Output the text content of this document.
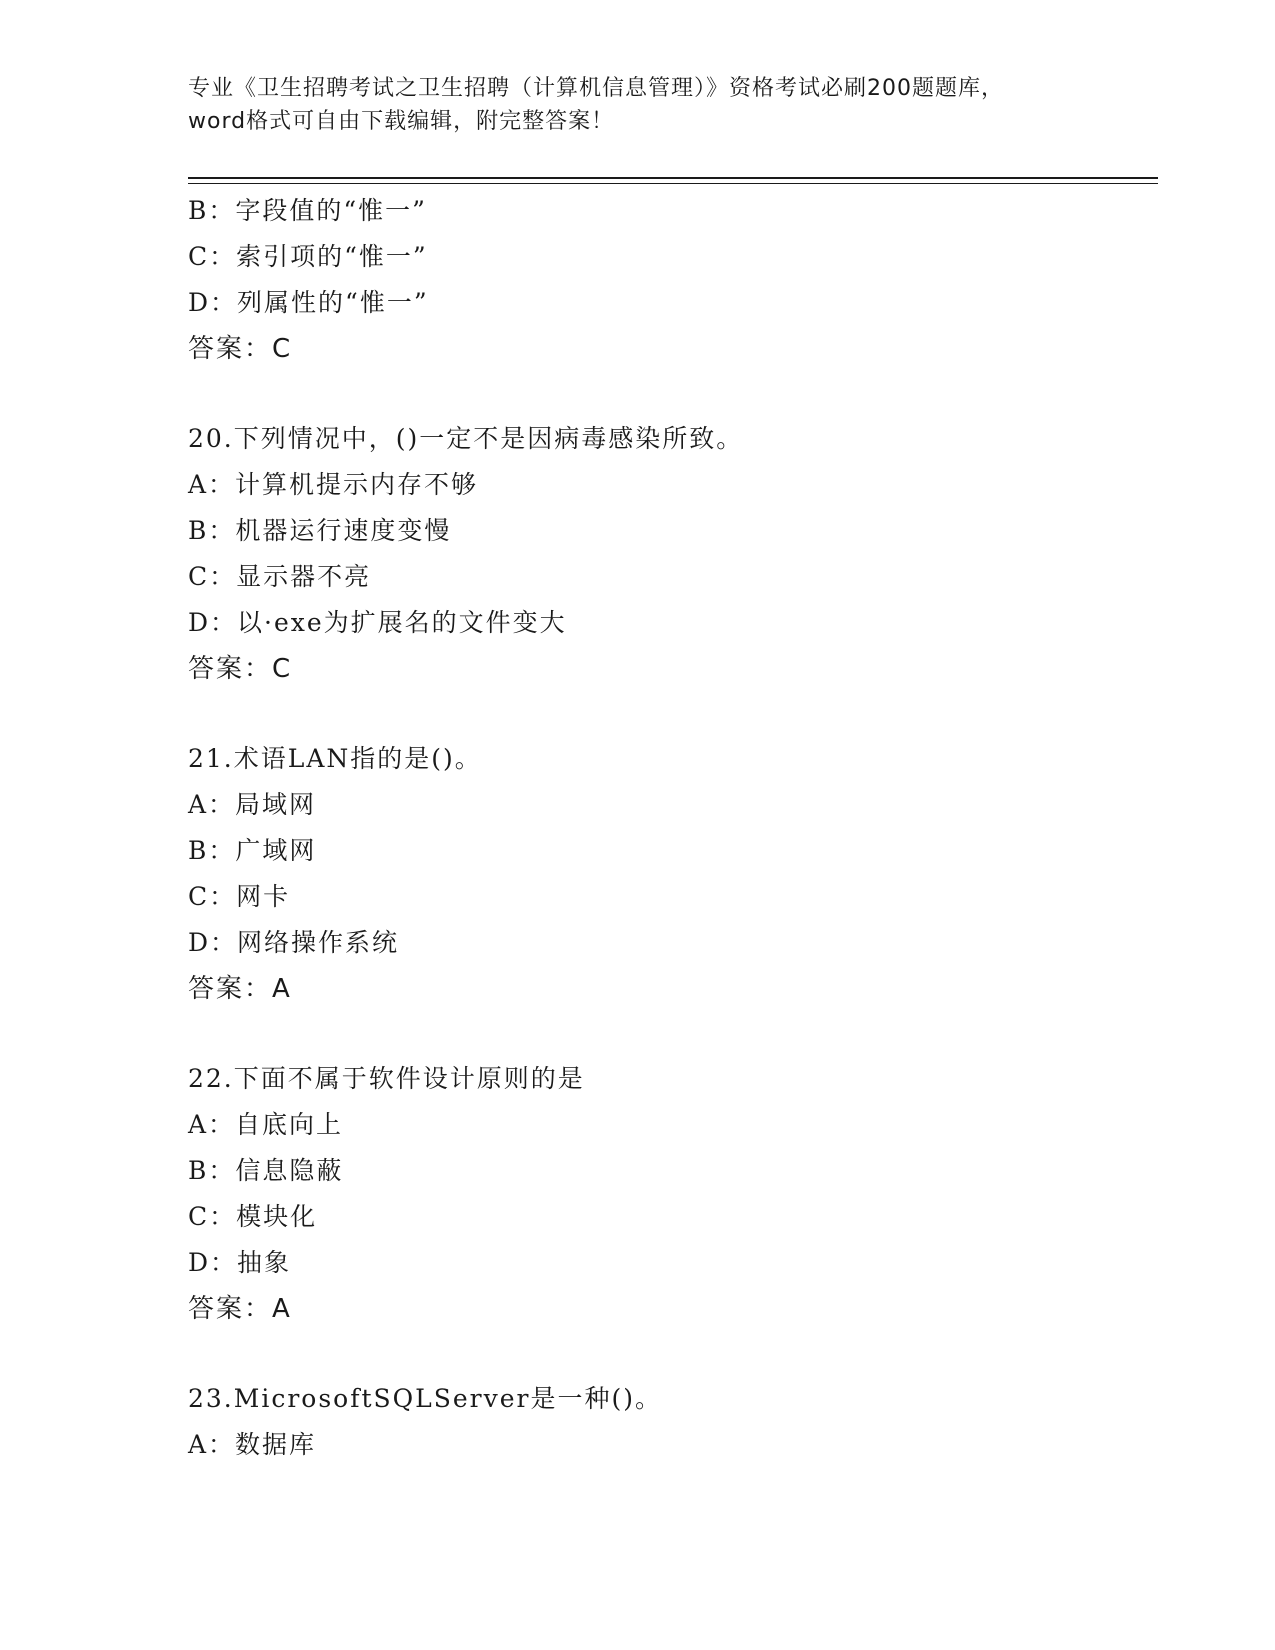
专业《卫生招聘考试之卫生招聘（计算机信息管理）》资格考试必刷200题题库，
word格式可自由下载编辑，附完整答案！
B：字段值的“惟一”
C：索引项的“惟一”
D：列属性的“惟一”
答案：C
20.下列情况中，()一定不是因病毒感染所致。
A：计算机提示内存不够
B：机器运行速度变慢
C：显示器不亮
D：以·exe为扩展名的文件变大
答案：C
21.术语LAN指的是()。
A：局域网
B：广域网
C：网卡
D：网络操作系统
答案：A
22.下面不属于软件设计原则的是
A：自底向上
B：信息隐蔽
C：模块化
D：抽象
答案：A
23.MicrosoftSQLServer是一种()。
A：数据库
